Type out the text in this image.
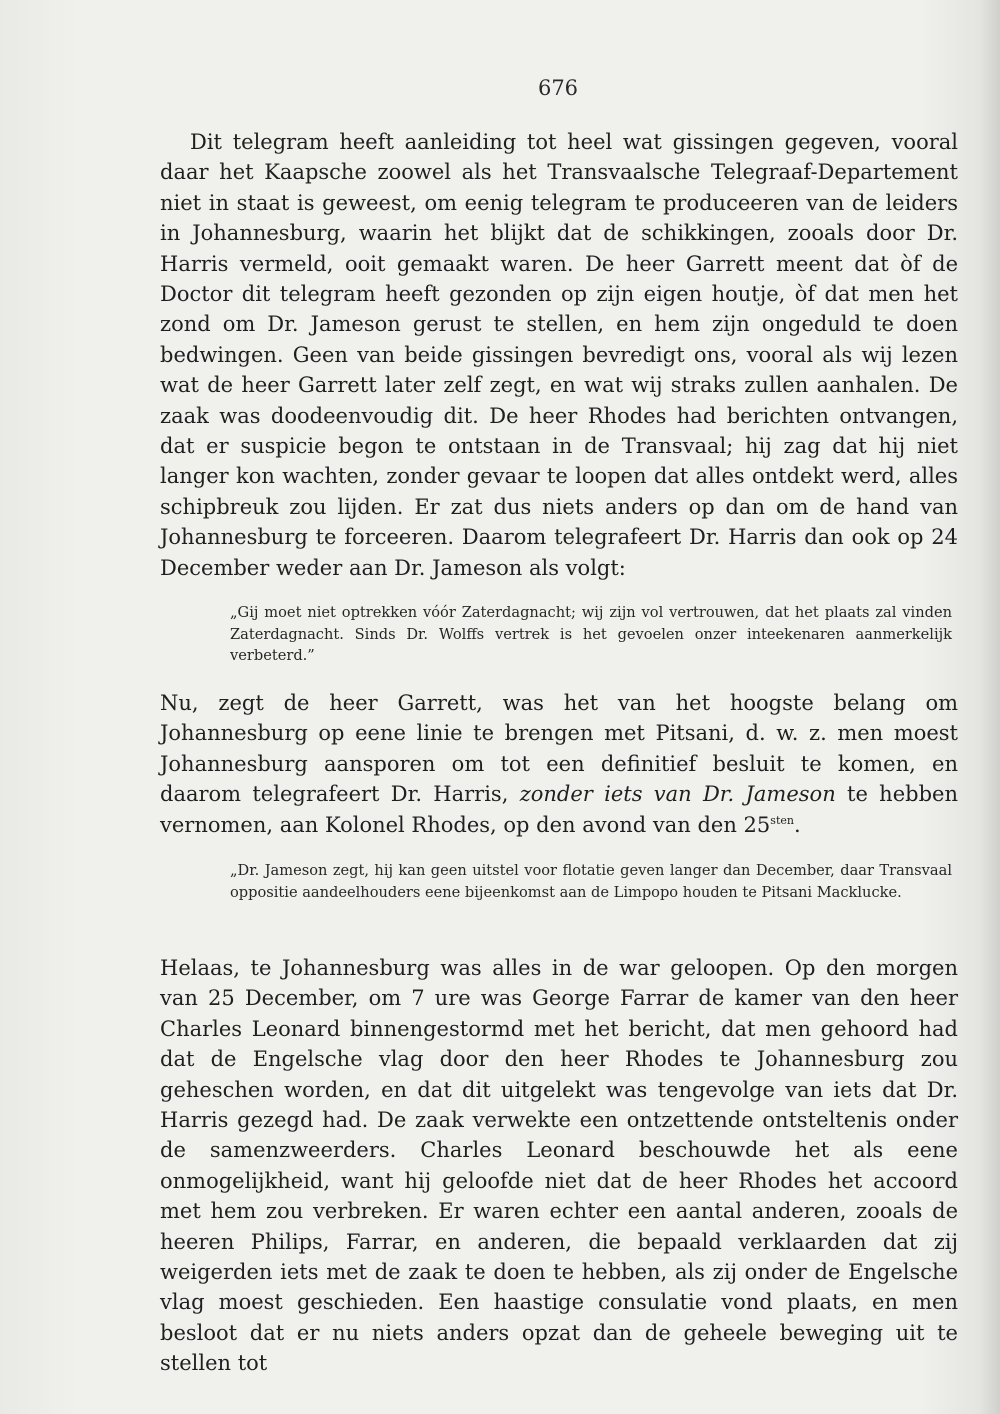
676

Dit telegram heeft aanleiding tot heel wat gissingen gegeven, vooral daar het Kaapsche zoowel als het Transvaalsche Telegraaf-Departement niet in staat is geweest, om eenig telegram te produceeren van de leiders in Johannesburg, waarin het blijkt dat de schikkingen, zooals door Dr. Harris vermeld, ooit gemaakt waren. De heer Garrett meent dat òf de Doctor dit telegram heeft gezonden op zijn eigen houtje, òf dat men het zond om Dr. Jameson gerust te stellen, en hem zijn ongeduld te doen bedwingen. Geen van beide gissingen bevredigt ons, vooral als wij lezen wat de heer Garrett later zelf zegt, en wat wij straks zullen aanhalen. De zaak was doodeenvoudig dit. De heer Rhodes had berichten ontvangen, dat er suspicie begon te ontstaan in de Transvaal; hij zag dat hij niet langer kon wachten, zonder gevaar te loopen dat alles ontdekt werd, alles schipbreuk zou lijden. Er zat dus niets anders op dan om de hand van Johannesburg te forceeren. Daarom telegrafeert Dr. Harris dan ook op 24 December weder aan Dr. Jameson als volgt:

„Gij moet niet optrekken vóór Zaterdagnacht; wij zijn vol vertrouwen, dat het plaats zal vinden Zaterdagnacht. Sinds Dr. Wolffs vertrek is het gevoelen onzer inteekenaren aanmerkelijk verbeterd.”

Nu, zegt de heer Garrett, was het van het hoogste belang om Johannesburg op eene linie te brengen met Pitsani, d. w. z. men moest Johannesburg aansporen om tot een definitief besluit te komen, en daarom telegrafeert Dr. Harris, zonder iets van Dr. Jameson te hebben vernomen, aan Kolonel Rhodes, op den avond van den $25^{sten}$.

„Dr. Jameson zegt, hij kan geen uitstel voor flotatie geven langer dan December, daar Transvaal oppositie aandeelhouders eene bijeenkomst aan de Limpopo houden te Pitsani Macklucke.

Helaas, te Johannesburg was alles in de war geloopen. Op den morgen van 25 December, om 7 ure was George Farrar de kamer van den heer Charles Leonard binnengestormd met het bericht, dat men gehoord had dat de Engelsche vlag door den heer Rhodes te Johannesburg zou geheschen worden, en dat dit uitgelekt was tengevolge van iets dat Dr. Harris gezegd had. De zaak verwekte een ontzettende ontsteltenis onder de samenzweerders. Charles Leonard beschouwde het als eene onmogelijkheid, want hij geloofde niet dat de heer Rhodes het accoord met hem zou verbreken. Er waren echter een aantal anderen, zooals de heeren Philips, Farrar, en anderen, die bepaald verklaarden dat zij weigerden iets met de zaak te doen te hebben, als zij onder de Engelsche vlag moest geschieden. Een haastige consulatie vond plaats, en men besloot dat er nu niets anders opzat dan de geheele beweging uit te stellen tot
